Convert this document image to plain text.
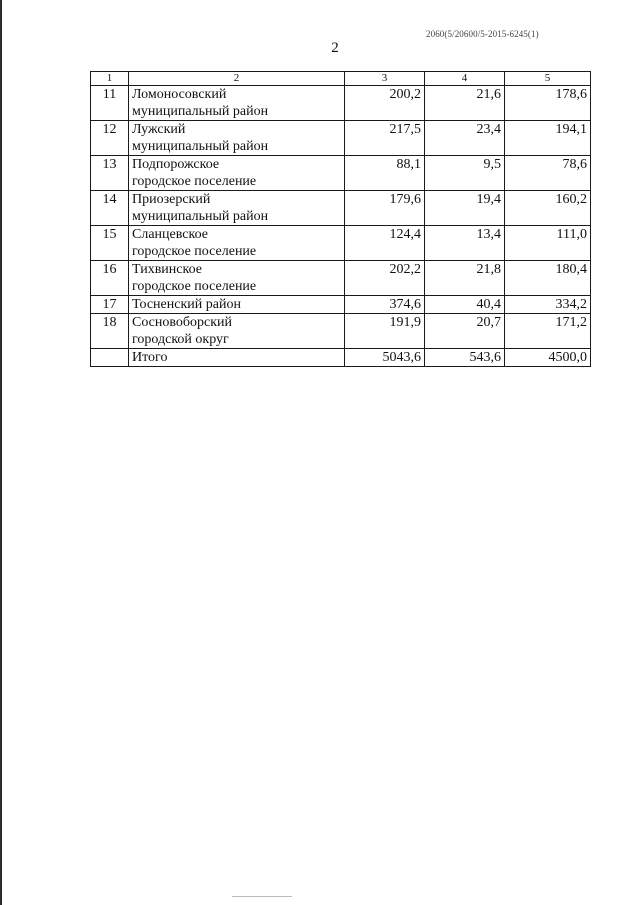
2060(5/20600/5-2015-6245(1)
2
1	2	3	4	5
11	Ломоносовский
муниципальный район	200,2	21,6	178,6
12	Лужский
муниципальный район	217,5	23,4	194,1
13	Подпорожское
городское поселение	88,1	9,5	78,6
14	Приозерский
муниципальный район	179,6	19,4	160,2
15	Сланцевское
городское поселение	124,4	13,4	111,0
16	Тихвинское
городское поселение	202,2	21,8	180,4
17	Тосненский район	374,6	40,4	334,2
18	Сосновоборский
городской округ	191,9	20,7	171,2
	Итого	5043,6	543,6	4500,0
